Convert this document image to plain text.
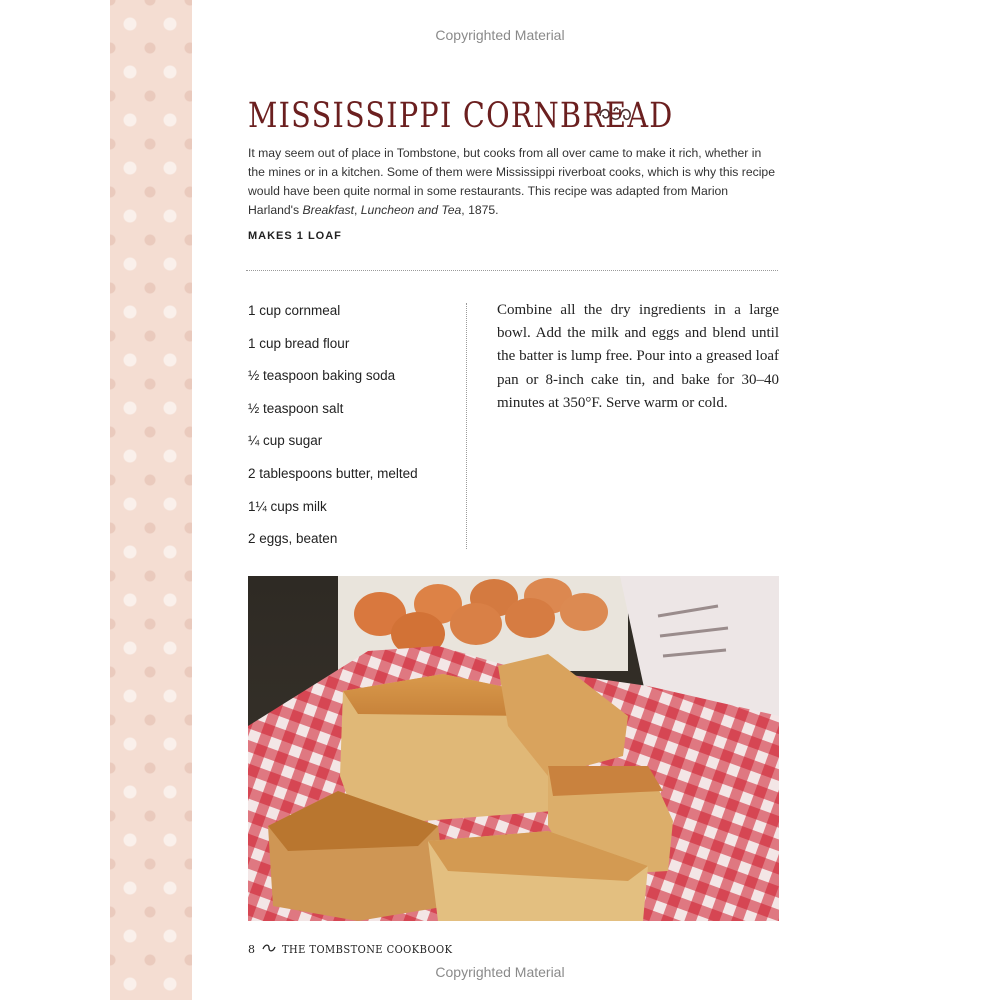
Copyrighted Material
MISSISSIPPI CORNBREAD
It may seem out of place in Tombstone, but cooks from all over came to make it rich, whether in the mines or in a kitchen. Some of them were Mississippi riverboat cooks, which is why this recipe would have been quite normal in some restaurants. This recipe was adapted from Marion Harland's Breakfast, Luncheon and Tea, 1875.
MAKES 1 LOAF
1 cup cornmeal
1 cup bread flour
½ teaspoon baking soda
½ teaspoon salt
¼ cup sugar
2 tablespoons butter, melted
1¼ cups milk
2 eggs, beaten
Combine all the dry ingredients in a large bowl. Add the milk and eggs and blend until the batter is lump free. Pour into a greased loaf pan or 8-inch cake tin, and bake for 30–40 minutes at 350°F. Serve warm or cold.
8 THE TOMBSTONE COOKBOOK
Copyrighted Material
